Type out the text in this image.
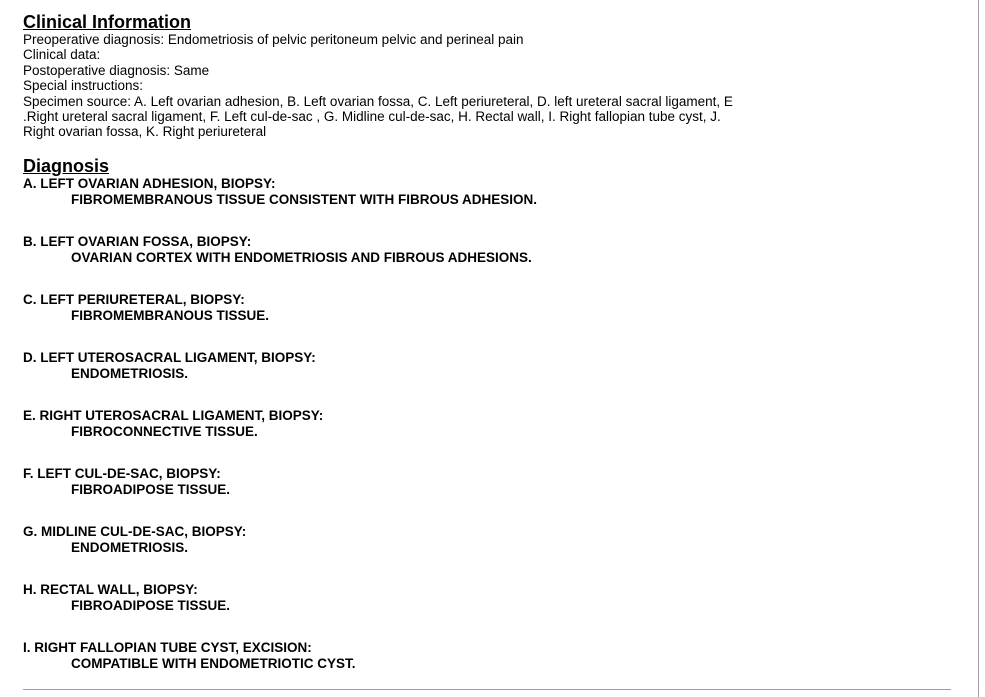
Clinical Information
Preoperative diagnosis: Endometriosis of pelvic peritoneum pelvic and perineal pain
Clinical data:
Postoperative diagnosis: Same
Special instructions:
Specimen source: A. Left ovarian adhesion, B. Left ovarian fossa, C. Left periureteral, D. left ureteral sacral ligament, E
.Right ureteral sacral ligament, F. Left cul-de-sac , G. Midline cul-de-sac, H. Rectal wall, I. Right fallopian tube cyst, J.
Right ovarian fossa, K. Right periureteral
Diagnosis
A. LEFT OVARIAN ADHESION, BIOPSY:
FIBROMEMBRANOUS TISSUE CONSISTENT WITH FIBROUS ADHESION.
B. LEFT OVARIAN FOSSA, BIOPSY:
OVARIAN CORTEX WITH ENDOMETRIOSIS AND FIBROUS ADHESIONS.
C. LEFT PERIURETERAL, BIOPSY:
FIBROMEMBRANOUS TISSUE.
D. LEFT UTEROSACRAL LIGAMENT, BIOPSY:
ENDOMETRIOSIS.
E. RIGHT UTEROSACRAL LIGAMENT, BIOPSY:
FIBROCONNECTIVE TISSUE.
F. LEFT CUL-DE-SAC, BIOPSY:
FIBROADIPOSE TISSUE.
G. MIDLINE CUL-DE-SAC, BIOPSY:
ENDOMETRIOSIS.
H. RECTAL WALL, BIOPSY:
FIBROADIPOSE TISSUE.
I. RIGHT FALLOPIAN TUBE CYST, EXCISION:
COMPATIBLE WITH ENDOMETRIOTIC CYST.
